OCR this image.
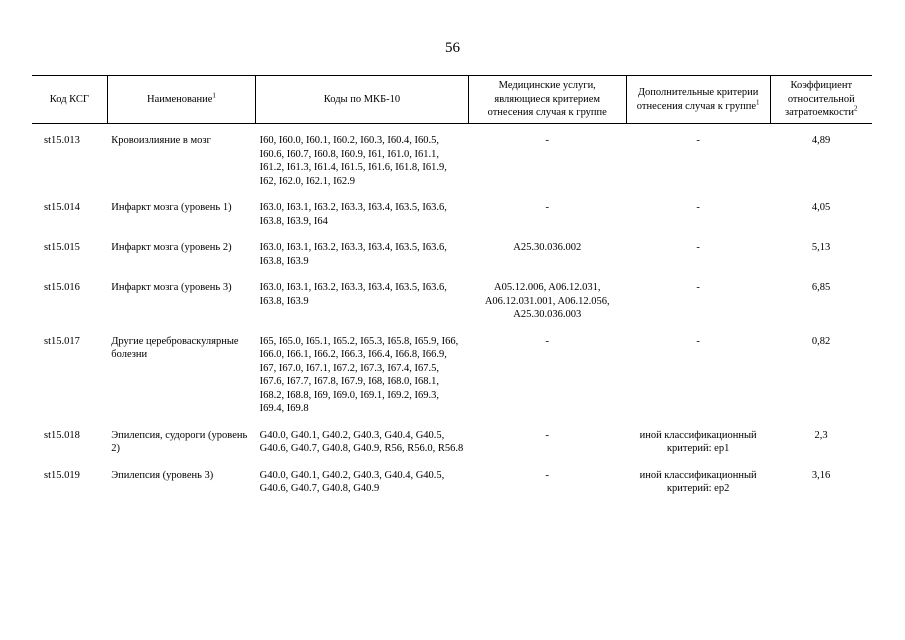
56
Код КСГ	Наименование$^1$	Коды по МКБ-10	Медицинские услуги, являющиеся критерием отнесения случая к группе	Дополнительные критерии отнесения случая к группе$^1$	Коэффициент относительной затратоемкости$^2$

st15.013	Кровоизлияние в мозг	I60, I60.0, I60.1, I60.2, I60.3, I60.4, I60.5, I60.6, I60.7, I60.8, I60.9, I61, I61.0, I61.1, I61.2, I61.3, I61.4, I61.5, I61.6, I61.8, I61.9, I62, I62.0, I62.1, I62.9	-	-	4,89
st15.014	Инфаркт мозга (уровень 1)	I63.0, I63.1, I63.2, I63.3, I63.4, I63.5, I63.6, I63.8, I63.9, I64	-	-	4,05
st15.015	Инфаркт мозга (уровень 2)	I63.0, I63.1, I63.2, I63.3, I63.4, I63.5, I63.6, I63.8, I63.9	A25.30.036.002	-	5,13
st15.016	Инфаркт мозга (уровень 3)	I63.0, I63.1, I63.2, I63.3, I63.4, I63.5, I63.6, I63.8, I63.9	A05.12.006, A06.12.031, A06.12.031.001, A06.12.056, A25.30.036.003	-	6,85
st15.017	Другие цереброваскулярные болезни	I65, I65.0, I65.1, I65.2, I65.3, I65.8, I65.9, I66, I66.0, I66.1, I66.2, I66.3, I66.4, I66.8, I66.9, I67, I67.0, I67.1, I67.2, I67.3, I67.4, I67.5, I67.6, I67.7, I67.8, I67.9, I68, I68.0, I68.1, I68.2, I68.8, I69, I69.0, I69.1, I69.2, I69.3, I69.4, I69.8	-	-	0,82
st15.018	Эпилепсия, судороги (уровень 2)	G40.0, G40.1, G40.2, G40.3, G40.4, G40.5, G40.6, G40.7, G40.8, G40.9, R56, R56.0, R56.8	-	иной классификационный критерий: ep1	2,3
st15.019	Эпилепсия (уровень 3)	G40.0, G40.1, G40.2, G40.3, G40.4, G40.5, G40.6, G40.7, G40.8, G40.9	-	иной классификационный критерий: ep2	3,16
